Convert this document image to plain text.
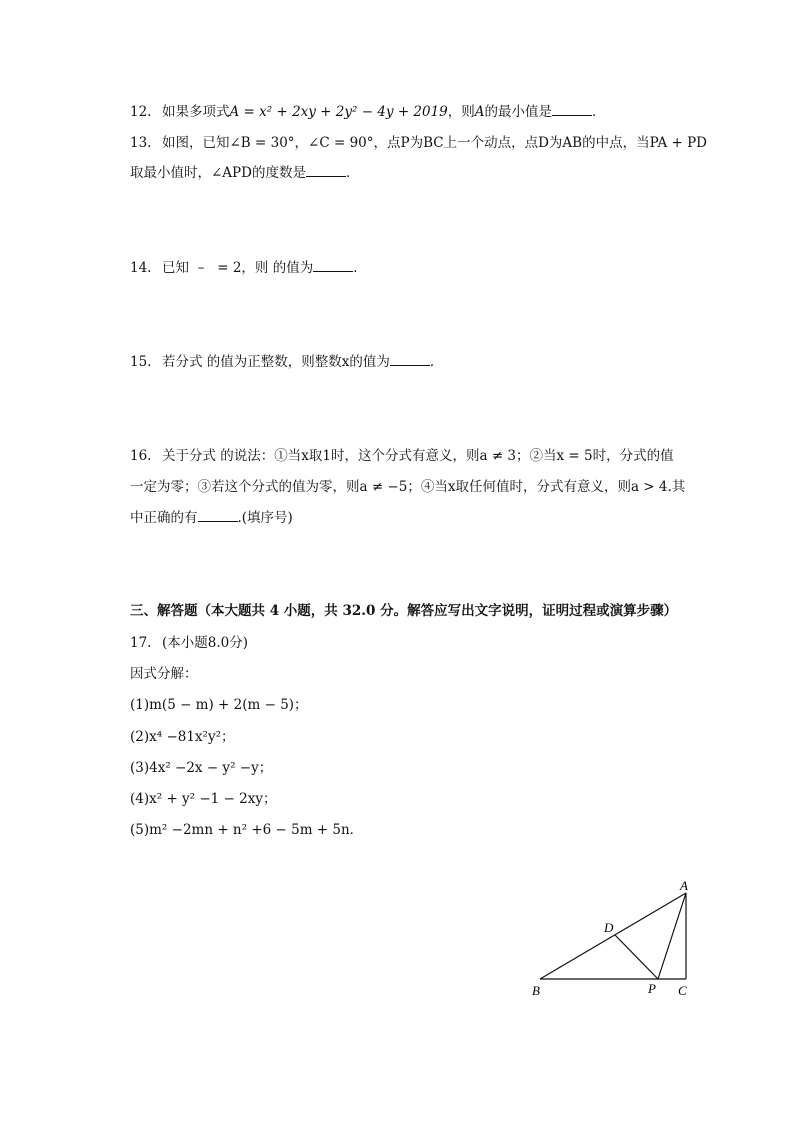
12. 如果多项式A = x² + 2xy + 2y² − 4y + 2019，则A的最小值是	．
13. 如图，已知∠B = 30°，∠C = 90°，点P为BC上一个动点，点D为AB的中点，当PA + PD
取最小值时，∠APD的度数是	．
14. 已知 – = 2，则 的值为	．
15. 若分式 的值为正整数，则整数x的值为	．
16. 关于分式 的说法：①当x取1时，这个分式有意义，则a ≠ 3；②当x = 5时，分式的值
一定为零；③若这个分式的值为零，则a ≠ −5；④当x取任何值时，分式有意义，则a > 4.其
中正确的有	.(填序号)
三、解答题（本大题共 4 小题，共 32.0 分。解答应写出文字说明，证明过程或演算步骤）
17. (本小题8.0分)
因式分解：
(1)m(5 − m) + 2(m − 5)；
(2)x⁴ −81x²y²；
(3)4x² −2x − y² −y；
(4)x² + y² −1 − 2xy；
(5)m² −2mn + n² +6 − 5m + 5n．
A
B	C
D
P
